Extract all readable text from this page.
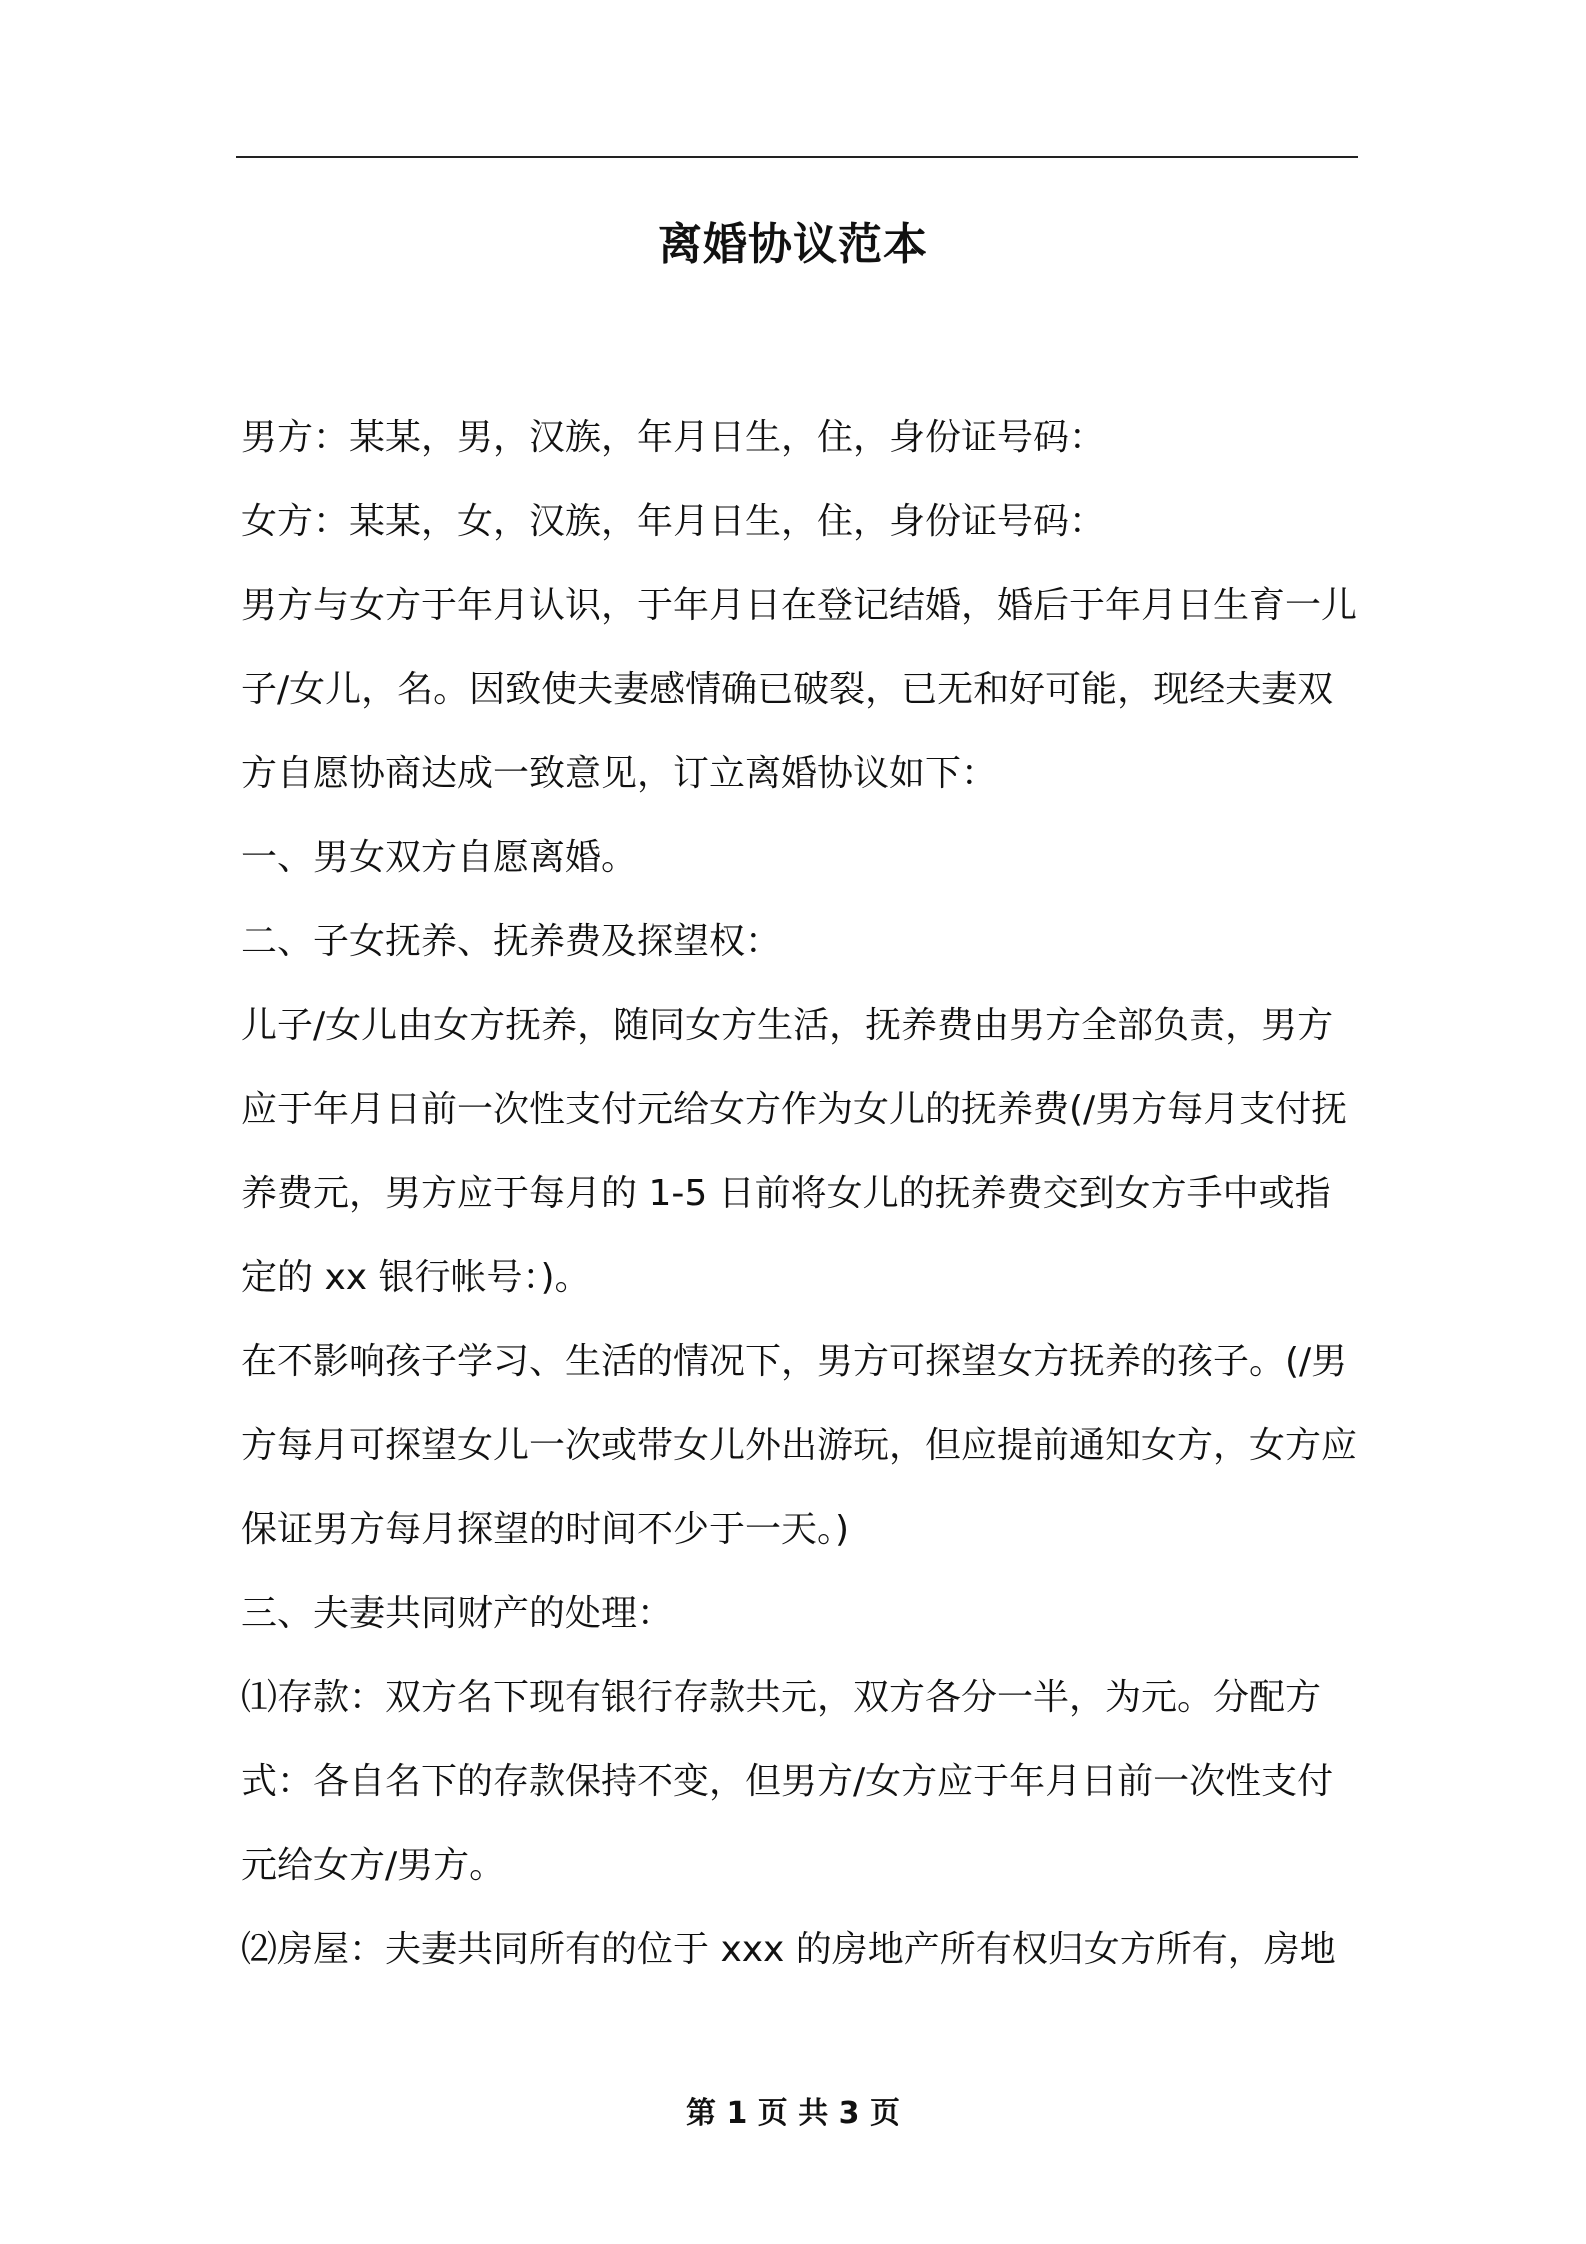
离婚协议范本

男方：某某，男，汉族，年月日生，住，身份证号码：

女方：某某，女，汉族，年月日生，住，身份证号码：

男方与女方于年月认识，于年月日在登记结婚，婚后于年月日生育一儿子/女儿，名。因致使夫妻感情确已破裂，已无和好可能，现经夫妻双方自愿协商达成一致意见，订立离婚协议如下：

一、男女双方自愿离婚。

二、子女抚养、抚养费及探望权：

儿子/女儿由女方抚养，随同女方生活，抚养费由男方全部负责，男方应于年月日前一次性支付元给女方作为女儿的抚养费(/男方每月支付抚养费元，男方应于每月的 1-5 日前将女儿的抚养费交到女方手中或指定的 xx 银行帐号：)。

在不影响孩子学习、生活的情况下，男方可探望女方抚养的孩子。(/男方每月可探望女儿一次或带女儿外出游玩，但应提前通知女方，女方应保证男方每月探望的时间不少于一天。)

三、夫妻共同财产的处理：

⑴存款：双方名下现有银行存款共元，双方各分一半，为元。分配方式：各自名下的存款保持不变，但男方/女方应于年月日前一次性支付元给女方/男方。

⑵房屋：夫妻共同所有的位于 xxx 的房地产所有权归女方所有，房地

第 1 页 共 3 页
